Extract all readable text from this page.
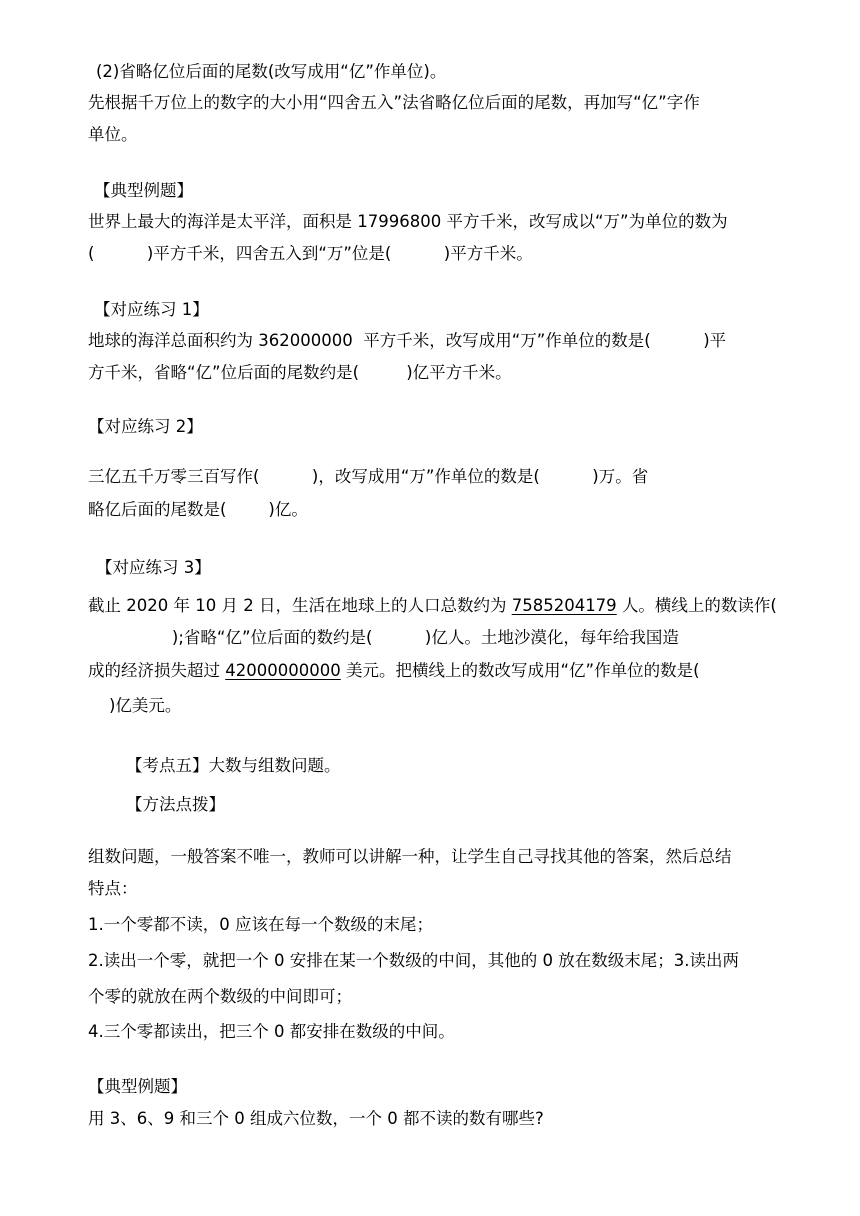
(2)省略亿位后面的尾数(改写成用“亿”作单位)。
先根据千万位上的数字的大小用“四舍五入”法省略亿位后面的尾数，再加写“亿”字作
单位。
【典型例题】
世界上最大的海洋是太平洋，面积是 17996800 平方千米，改写成以“万”为单位的数为
(          )平方千米，四舍五入到“万”位是(          )平方千米。
【对应练习 1】
地球的海洋总面积约为 362000000  平方千米，改写成用“万”作单位的数是(          )平
方千米，省略“亿”位后面的尾数约是(         )亿平方千米。
【对应练习 2】
三亿五千万零三百写作(          )，改写成用“万”作单位的数是(          )万。省
略亿后面的尾数是(        )亿。
【对应练习 3】
截止 2020 年 10 月 2 日，生活在地球上的人口总数约为 7585204179 人。横线上的数读作(
);省略“亿”位后面的数约是(          )亿人。土地沙漠化，每年给我国造
成的经济损失超过 42000000000 美元。把横线上的数改写成用“亿”作单位的数是(
)亿美元。
【考点五】大数与组数问题。
【方法点拨】
组数问题，一般答案不唯一，教师可以讲解一种，让学生自己寻找其他的答案，然后总结
特点：
1.一个零都不读，0 应该在每一个数级的末尾；
2.读出一个零，就把一个 0 安排在某一个数级的中间，其他的 0 放在数级末尾；3.读出两
个零的就放在两个数级的中间即可；
4.三个零都读出，把三个 0 都安排在数级的中间。
【典型例题】
用 3、6、9 和三个 0 组成六位数，一个 0 都不读的数有哪些?
